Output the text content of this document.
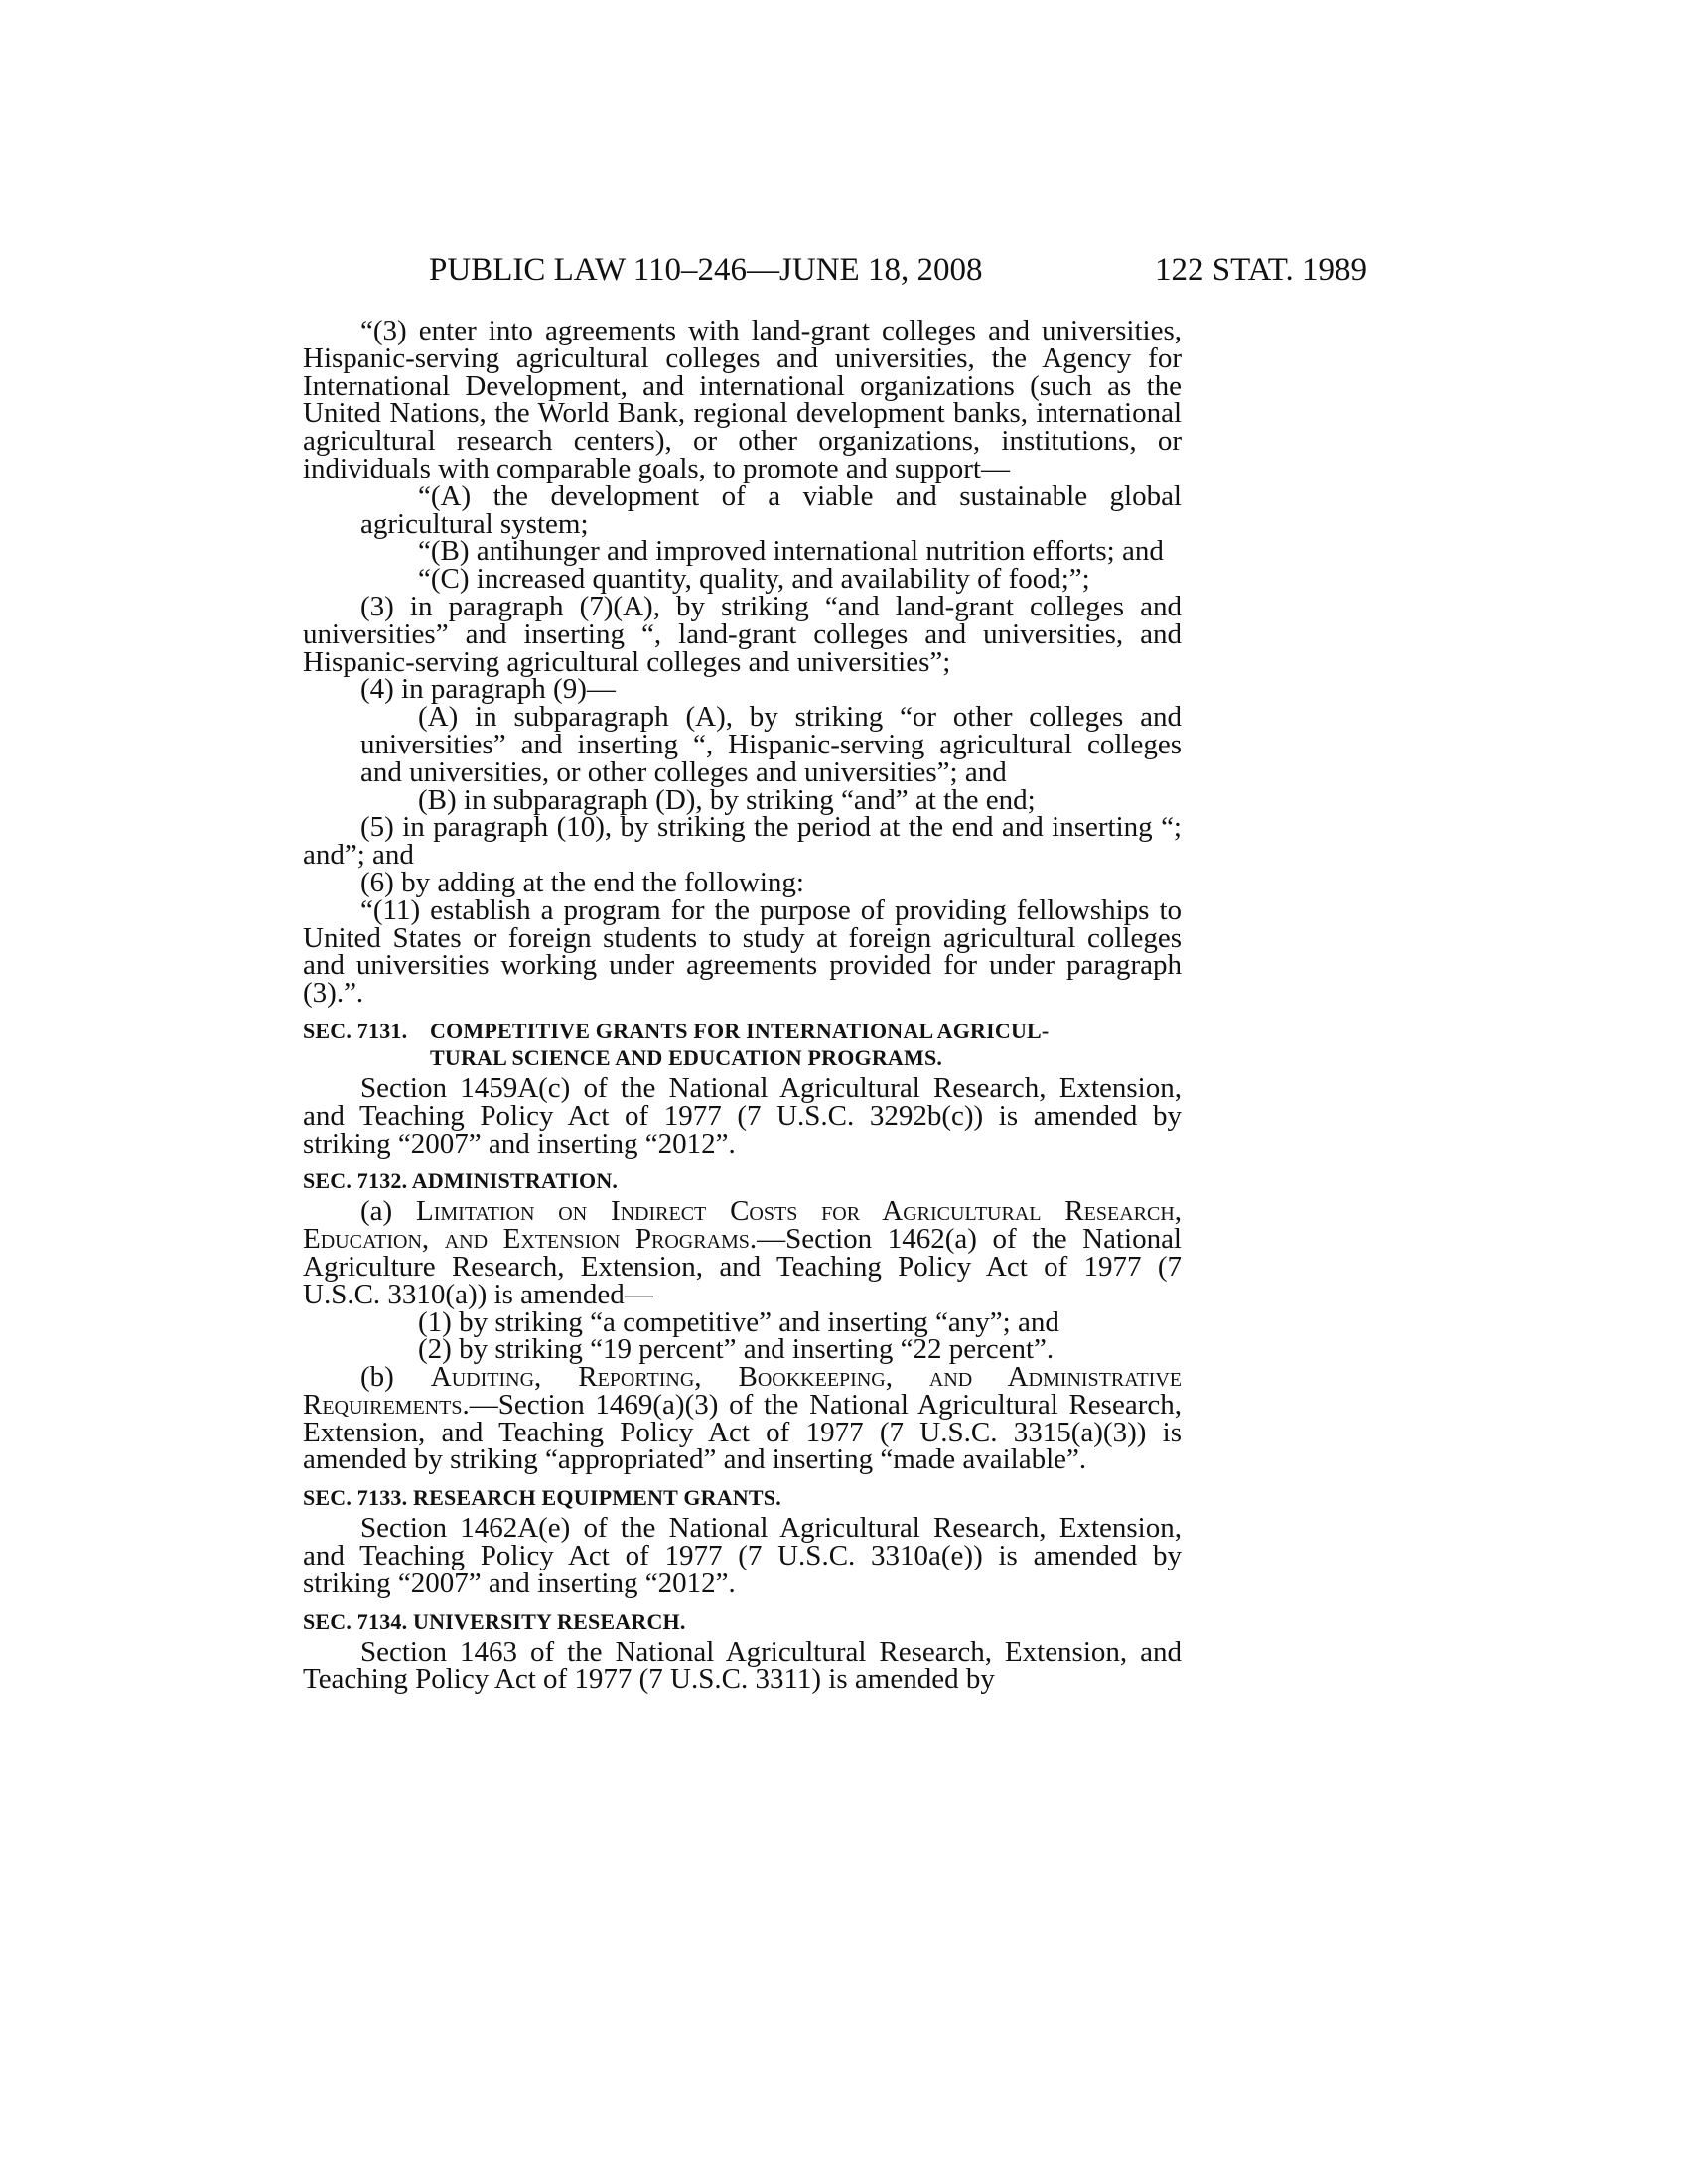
PUBLIC LAW 110–246—JUNE 18, 2008	122 STAT. 1989

“(3) enter into agreements with land-grant colleges and universities, Hispanic-serving agricultural colleges and universities, the Agency for International Development, and international organizations (such as the United Nations, the World Bank, regional development banks, international agricultural research centers), or other organizations, institutions, or individuals with comparable goals, to promote and support—

“(A) the development of a viable and sustainable global agricultural system;

“(B) antihunger and improved international nutrition efforts; and

“(C) increased quantity, quality, and availability of food;”;

(3) in paragraph (7)(A), by striking “and land-grant colleges and universities” and inserting “, land-grant colleges and universities, and Hispanic-serving agricultural colleges and universities”;

(4) in paragraph (9)—

(A) in subparagraph (A), by striking “or other colleges and universities” and inserting “, Hispanic-serving agricultural colleges and universities, or other colleges and universities”; and

(B) in subparagraph (D), by striking “and” at the end;

(5) in paragraph (10), by striking the period at the end and inserting “; and”; and

(6) by adding at the end the following:

“(11) establish a program for the purpose of providing fellowships to United States or foreign students to study at foreign agricultural colleges and universities working under agreements provided for under paragraph (3).”.

SEC. 7131. COMPETITIVE GRANTS FOR INTERNATIONAL AGRICUL-
TURAL SCIENCE AND EDUCATION PROGRAMS.

Section 1459A(c) of the National Agricultural Research, Extension, and Teaching Policy Act of 1977 (7 U.S.C. 3292b(c)) is amended by striking “2007” and inserting “2012”.

SEC. 7132. ADMINISTRATION.

(a) Limitation on Indirect Costs for Agricultural Research, Education, and Extension Programs.—Section 1462(a) of the National Agriculture Research, Extension, and Teaching Policy Act of 1977 (7 U.S.C. 3310(a)) is amended—

(1) by striking “a competitive” and inserting “any”; and

(2) by striking “19 percent” and inserting “22 percent”.

(b) Auditing, Reporting, Bookkeeping, and Administrative Requirements.—Section 1469(a)(3) of the National Agricultural Research, Extension, and Teaching Policy Act of 1977 (7 U.S.C. 3315(a)(3)) is amended by striking “appropriated” and inserting “made available”.

SEC. 7133. RESEARCH EQUIPMENT GRANTS.

Section 1462A(e) of the National Agricultural Research, Extension, and Teaching Policy Act of 1977 (7 U.S.C. 3310a(e)) is amended by striking “2007” and inserting “2012”.

SEC. 7134. UNIVERSITY RESEARCH.

Section 1463 of the National Agricultural Research, Extension, and Teaching Policy Act of 1977 (7 U.S.C. 3311) is amended by
